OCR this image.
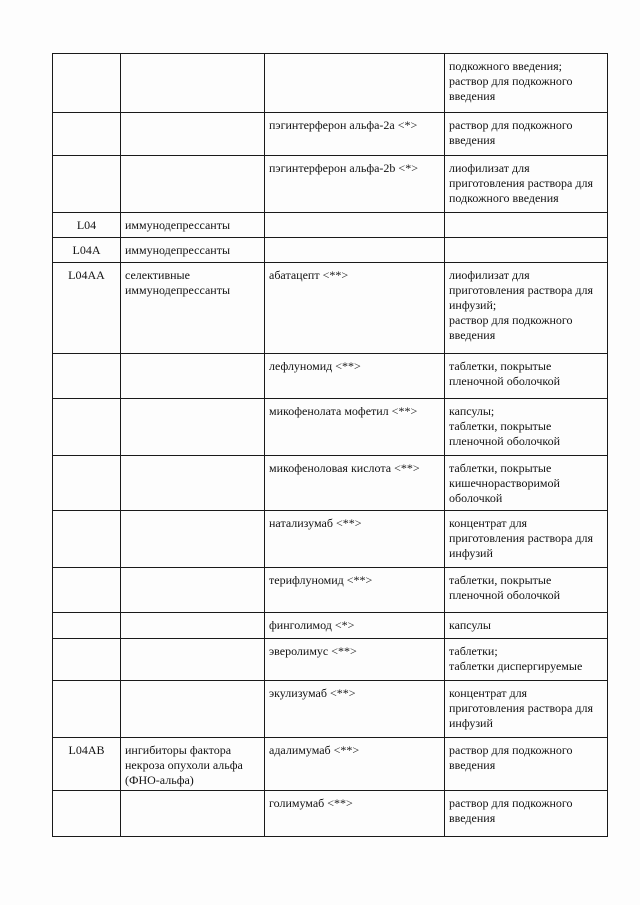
			подкожного введения;
раствор для подкожного
введения
		пэгинтерферон альфа-2а <*>	раствор для подкожного
введения
		пэгинтерферон альфа-2b <*>	лиофилизат для
приготовления раствора для
подкожного введения
L04	иммунодепрессанты		
L04A	иммунодепрессанты		
L04AA	селективные
иммунодепрессанты	абатацепт <**>	лиофилизат для
приготовления раствора для
инфузий;
раствор для подкожного
введения
		лефлуномид <**>	таблетки, покрытые
пленочной оболочкой
		микофенолата мофетил <**>	капсулы;
таблетки, покрытые
пленочной оболочкой
		микофеноловая кислота <**>	таблетки, покрытые
кишечнорастворимой
оболочкой
		натализумаб <**>	концентрат для
приготовления раствора для
инфузий
		терифлуномид <**>	таблетки, покрытые
пленочной оболочкой
		финголимод <*>	капсулы
		эверолимус <**>	таблетки;
таблетки диспергируемые
		экулизумаб <**>	концентрат для
приготовления раствора для
инфузий
L04AB	ингибиторы фактора
некроза опухоли альфа
(ФНО-альфа)	адалимумаб <**>	раствор для подкожного
введения
		голимумаб <**>	раствор для подкожного
введения
